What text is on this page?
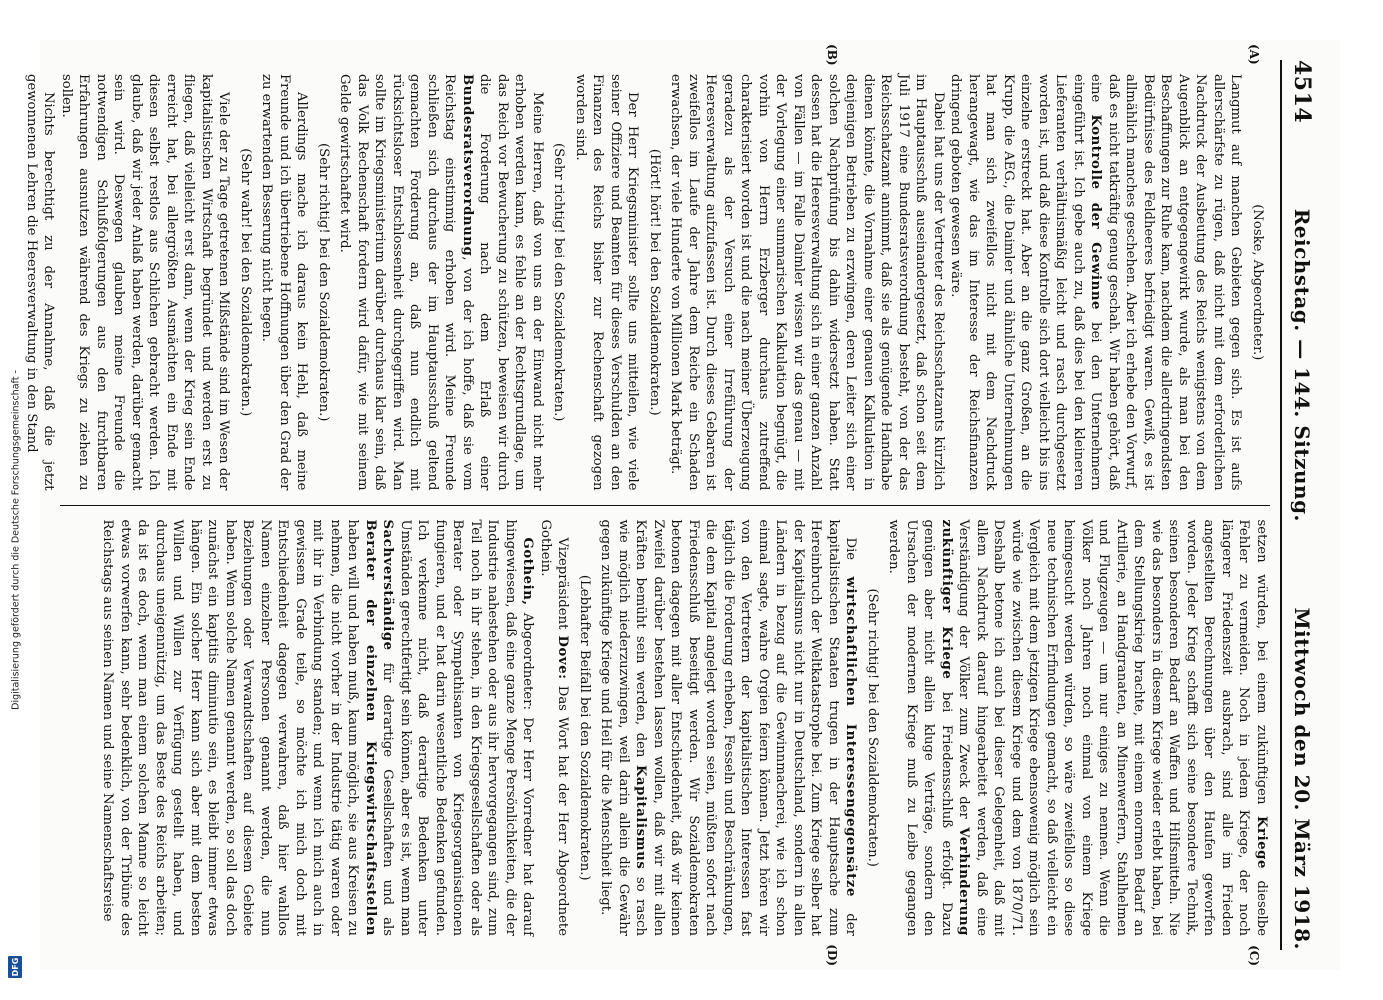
Digitalisierung gefördert durch die Deutsche Forschungsgemeinschaft -
DFG
4514
Reichstag. — 144. Sitzung.
Mittwoch den 20. März 1918.
(A)
(B)

(Noske, Abgeordneter.)

Langmut auf manchen Gebieten gegen sich. Es ist aufs allerschärfste zu rügen, daß nicht mit dem erforderlichen Nachdruck der Ausbeutung des Reichs wenigstens von dem Augenblick an entgegengewirkt wurde, als man bei den Beschaffungen zur Ruhe kam, nachdem die allerdringendsten Bedürfnisse des Feldheeres befriedigt waren. Gewiß, es ist allmählich manches geschehen. Aber ich erhebe den Vorwurf, daß es nicht tatkräftig genug geschah. Wir haben gehört, daß eine Kontrolle der Gewinne bei den Unternehmern eingeführt ist. Ich gebe auch zu, daß dies bei den kleineren Lieferanten verhältnismäßig leicht und rasch durchgesetzt worden ist, und daß diese Kontrolle sich dort vielleicht bis ins einzelne erstreckt hat. Aber an die ganz Großen, an die Krupp, die AEG., die Daimler und ähnliche Unternehmungen hat man sich zweifellos nicht mit dem Nachdruck herangewagt, wie das im Interesse der Reichsfinanzen dringend geboten gewesen wäre.

Dabei hat uns der Vertreter des Reichsschatzamts kürzlich im Hauptausschuß auseinandergesetzt, daß schon seit dem Juli 1917 eine Bundesratsverordnung besteht, von der das Reichsschatzamt annimmt, daß sie als genügende Handhabe dienen könnte, die Vornahme einer genauen Kalkulation in denjenigen Betrieben zu erzwingen, deren Leiter sich einer solchen Nachprüfung bis dahin widersetzt haben. Statt dessen hat die Heeresverwaltung sich in einer ganzen Anzahl von Fällen — im Falle Daimler wissen wir das genau — mit der Vorlegung einer summarischen Kalkulation begnügt, die vorhin von Herrn Erzberger durchaus zutreffend charakterisiert worden ist und die nach meiner Überzeugung geradezu als der Versuch einer Irreführung der Heeresverwaltung aufzufassen ist. Durch dieses Gebaren ist zweifellos im Laufe der Jahre dem Reiche ein Schaden erwachsen, der viele Hunderte von Millionen Mark beträgt.

(Hört! hört! bei den Sozialdemokraten.)

Der Herr Kriegsminister sollte uns mitteilen, wie viele seiner Offiziere und Beamten für dieses Verschulden an den Finanzen des Reichs bisher zur Rechenschaft gezogen worden sind.

(Sehr richtig! bei den Sozialdemokraten.)

Meine Herren, daß von uns an der Einwand nicht mehr erhoben werden kann, es fehle an der Rechtsgrundlage, um das Reich vor Bewucherung zu schützen, beweisen wir durch die Forderung nach dem Erlaß einer Bundesratsverordnung, von der ich hoffe, daß sie vom Reichstag einstimmig erhoben wird. Meine Freunde schließen sich durchaus der im Hauptausschuß geltend gemachten Forderung an, daß nun endlich mit rücksichtsloser Entschlossenheit durchgegriffen wird. Man sollte im Kriegsministerium darüber durchaus klar sein, daß das Volk Rechenschaft fordern wird dafür, wie mit seinem Gelde gewirtschaftet wird.

(Sehr richtig! bei den Sozialdemokraten.)

Allerdings mache ich daraus kein Hehl, daß meine Freunde und ich übertriebene Hoffnungen über den Grad der zu erwartenden Besserung nicht hegen.

(Sehr wahr! bei den Sozialdemokraten.)

Viele der zu Tage getretenen Mißstände sind im Wesen der kapitalistischen Wirtschaft begründet und werden erst zu fliegen, daß vielleicht erst dann, wenn der Krieg sein Ende erreicht hat, bei allergrößten Ausmächten ein Ende mit diesen selbst restlos aus Schlichen gebracht werden. Ich glaube, daß wir jeder Anlaß haben werden, darüber gemacht sein wird. Deswegen glauben meine Freunde die notwendigen Schlußfolgerungen aus den furchtbaren Erfahrungen ausnutzen während des Kriegs zu ziehen zu sollen.

Nichts berechtigt zu der Annahme, daß die jetzt gewonnenen Lehren die Heeresverwaltung in den Stand

(C)
(D)

setzen würden, bei einem zukünftigen Kriege dieselbe Fehler zu vermeiden. Noch in jedem Kriege, der noch längerer Friedenszeit ausbrach, sind alle im Frieden angestellten Berechnungen über den Haufen geworfen worden. Jeder Krieg schafft sich seine besondere Technik, seinen besonderen Bedarf an Waffen und Hilfsmitteln. Nie wie das besonders in diesem Kriege wieder erlebt haben, bei dem Stellungskrieg brachte, mit einem enormen Bedarf an Artillerie, an Handgranaten, an Minenwerfern, Stahlhelmen und Flugzeugen — um nur einiges zu nennen. Wenn die Völker noch Jahren noch einmal von einem Kriege heimgesucht werden würden, so wäre zweifellos so diese neue technischen Erfindungen gemacht, so daß vielleicht ein Vergleich mit dem jetzigen Kriege ebensowenig möglich sein würde wie zwischen diesem Kriege und dem von 1870/71. Deshalb betone ich auch bei dieser Gelegenheit, daß mit allem Nachdruck darauf hingearbeitet werden, daß eine Verständigung der Völker zum Zweck der Verhinderung zukünftiger Kriege bei Friedensschluß erfolgt. Dazu genügen aber nicht allein kluge Verträge, sondern den Ursachen der modernen Kriege muß zu Leibe gegangen werden.

(Sehr richtig! bei den Sozialdemokraten.)

Die wirtschaftlichen Interessengegensätze der kapitalistischen Staaten trugen in der Hauptsache zum Hereinbruch der Weltkatastrophe bei. Zum Kriege selber hat der Kapitalismus nicht nur in Deutschland, sondern in allen Ländern in bezug auf die Gewinnmacherei, wie ich schon einmal sagte, wahre Orgien feiern können. Jetzt hören wir von den Vertretern der kapitalistischen Interessen fast täglich die Forderung erheben, Fesseln und Beschränkungen, die dem Kapital angelegt worden seien, müßten sofort nach Friedensschluß beseitigt werden. Wir Sozialdemokraten betonen dagegen mit aller Entschiedenheit, daß wir keinen Zweifel darüber bestehen lassen wollen, daß wir mit allen Kräften bemüht sein werden, den Kapitalismus so rasch wie möglich niederzuzwingen, weil darin allein die Gewähr gegen zukünftige Kriege und Heil für die Menschheit liegt.

(Lebhafter Beifall bei den Sozialdemokraten.)

Vizepräsident Dove: Das Wort hat der Herr Abgeordnete Gothein.

Gothein, Abgeordneter: Der Herr Vorredner hat darauf hingewiesen, daß eine ganze Menge Persönlichkeiten, die der Industrie nahestehen oder aus ihr hervorgegangen sind, zum Teil noch in ihr stehen, in den Kriegsgesellschaften oder als Berater oder Sympathisanten von Kriegsorganisationen fungieren, und er hat darin wesentliche Bedenken gefunden. Ich verkenne nicht, daß derartige Bedenken unter Umständen gerechtfertigt sein können, aber es ist, wenn man Sachverständige für derartige Gesellschaften und als Berater der einzelnen Kriegswirtschaftsstellen haben will und haben muß, kaum möglich, sie aus Kreisen zu nehmen, die nicht vorher in der Industrie tätig waren oder mit ihr in Verbindung standen; und wenn ich mich auch in gewissem Grade teile, so möchte ich mich doch mit Entschiedenheit dagegen verwahren, daß hier wahllos Namen einzelner Personen genannt werden, die nun Beziehungen oder Verwandtschaften auf diesem Gebiete haben. Wenn solche Namen genannt werden, so soll das doch zunächst ein kaptitis diminutio sein, es bleibt immer etwas hängen. Ein solcher Herr kann sich aber mit dem besten Willen und Willen zur Verfügung gestellt haben, und durchaus uneigennützig, um das Beste des Reichs arbeiten; da ist es doch, wenn man einem solchen Manne so leicht etwas vorwerfen kann, sehr bedenklich, von der Tribüne des Reichstags aus seinen Namen und seine Namenschaftsreise
